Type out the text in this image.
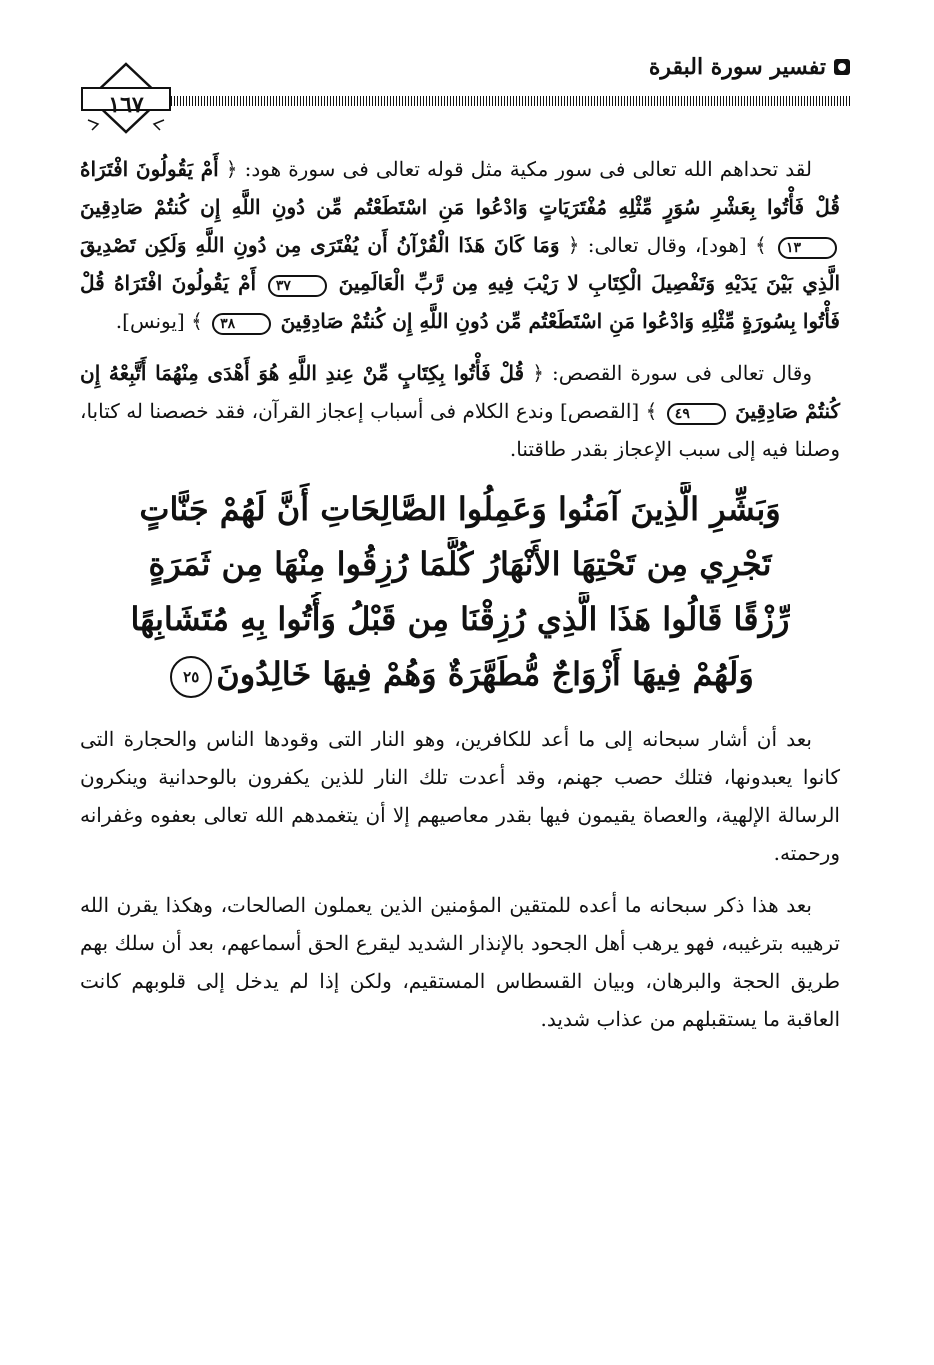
تفسير سورة البقرة
١٦٧

لقد تحداهم الله تعالى فى سور مكية مثل قوله تعالى فى سورة هود: ﴿ أَمْ يَقُولُونَ افْتَرَاهُ قُلْ فَأْتُوا بِعَشْرِ سُوَرٍ مِّثْلِهِ مُفْتَرَيَاتٍ وَادْعُوا مَنِ اسْتَطَعْتُم مِّن دُونِ اللَّهِ إِن كُنتُمْ صَادِقِينَ ١٣ ﴾ [هود]، وقال تعالى: ﴿ وَمَا كَانَ هَذَا الْقُرْآنُ أَن يُفْتَرَى مِن دُونِ اللَّهِ وَلَكِن تَصْدِيقَ الَّذِي بَيْنَ يَدَيْهِ وَتَفْصِيلَ الْكِتَابِ لا رَيْبَ فِيهِ مِن رَّبِّ الْعَالَمِينَ ٣٧ أَمْ يَقُولُونَ افْتَرَاهُ قُلْ فَأْتُوا بِسُورَةٍ مِّثْلِهِ وَادْعُوا مَنِ اسْتَطَعْتُم مِّن دُونِ اللَّهِ إِن كُنتُمْ صَادِقِينَ ٣٨ ﴾ [يونس].

وقال تعالى فى سورة القصص: ﴿ قُلْ فَأْتُوا بِكِتَابٍ مِّنْ عِندِ اللَّهِ هُوَ أَهْدَى مِنْهُمَا أَتَّبِعْهُ إِن كُنتُمْ صَادِقِينَ ٤٩ ﴾ [القصص] وندع الكلام فى أسباب إعجاز القرآن، فقد خصصنا له كتابا، وصلنا فيه إلى سبب الإعجاز بقدر طاقتنا.

وَبَشِّرِ الَّذِينَ آمَنُوا وَعَمِلُوا الصَّالِحَاتِ أَنَّ لَهُمْ جَنَّاتٍ
تَجْرِي مِن تَحْتِهَا الأَنْهَارُ كُلَّمَا رُزِقُوا مِنْهَا مِن ثَمَرَةٍ
رِّزْقًا قَالُوا هَذَا الَّذِي رُزِقْنَا مِن قَبْلُ وَأُتُوا بِهِ مُتَشَابِهًا
وَلَهُمْ فِيهَا أَزْوَاجٌ مُّطَهَّرَةٌ وَهُمْ فِيهَا خَالِدُونَ٢٥

بعد أن أشار سبحانه إلى ما أعد للكافرين، وهو النار التى وقودها الناس والحجارة التى كانوا يعبدونها، فتلك حصب جهنم، وقد أعدت تلك النار للذين يكفرون بالوحدانية وينكرون الرسالة الإلهية، والعصاة يقيمون فيها بقدر معاصيهم إلا أن يتغمدهم الله تعالى بعفوه وغفرانه ورحمته.

بعد هذا ذكر سبحانه ما أعده للمتقين المؤمنين الذين يعملون الصالحات، وهكذا يقرن الله ترهيبه بترغيبه، فهو يرهب أهل الجحود بالإنذار الشديد ليقرع الحق أسماعهم، بعد أن سلك بهم طريق الحجة والبرهان، وبيان القسطاس المستقيم، ولكن إذا لم يدخل إلى قلوبهم كانت العاقبة ما يستقبلهم من عذاب شديد.
